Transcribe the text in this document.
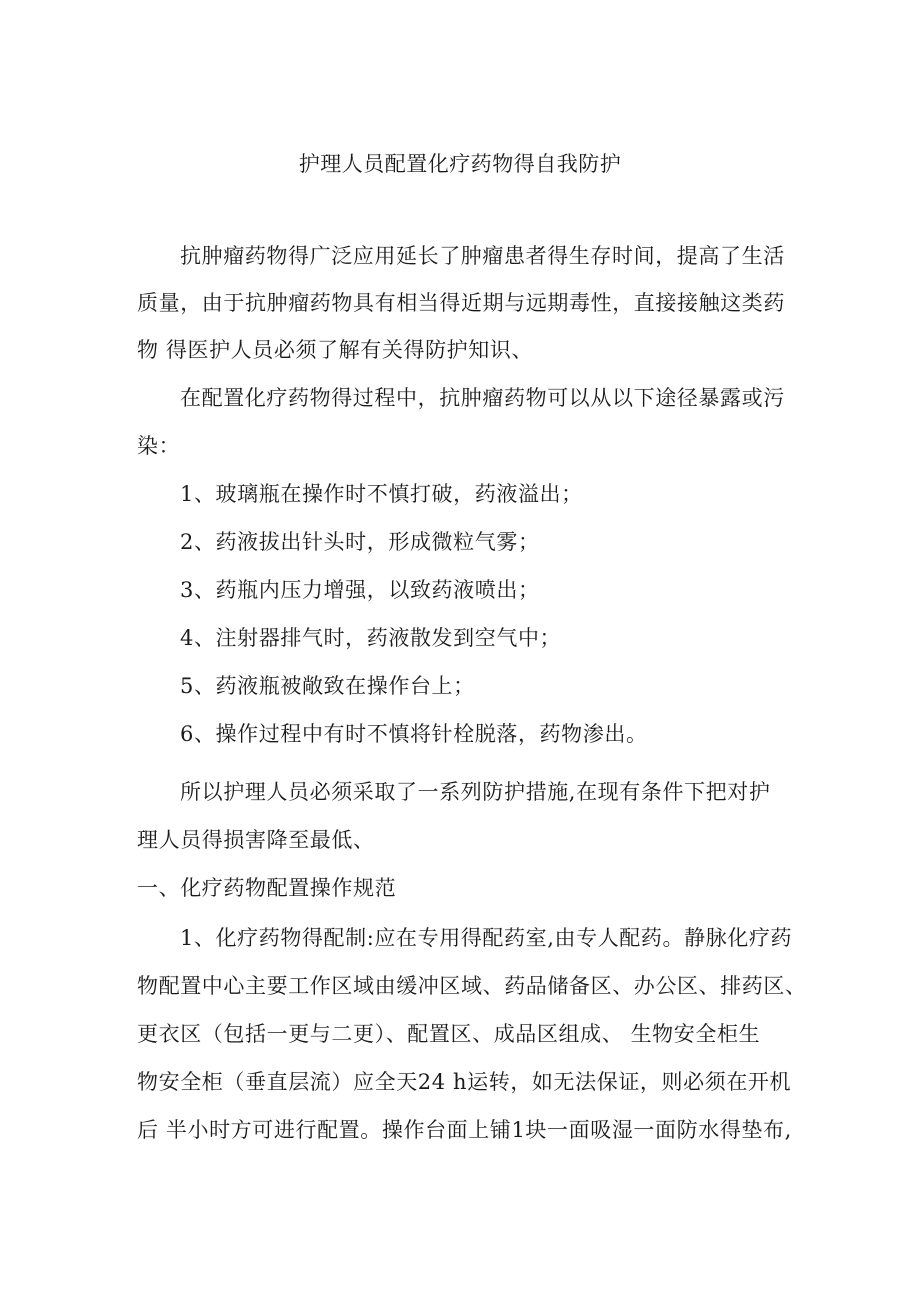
护理人员配置化疗药物得自我防护
抗肿瘤药物得广泛应用延长了肿瘤患者得生存时间，提高了生活
质量，由于抗肿瘤药物具有相当得近期与远期毒性，直接接触这类药
物 得医护人员必须了解有关得防护知识、
在配置化疗药物得过程中，抗肿瘤药物可以从以下途径暴露或污
染：
1、玻璃瓶在操作时不慎打破，药液溢出；
2、药液拔出针头时，形成微粒气雾；
3、药瓶内压力增强，以致药液喷出；
4、注射器排气时，药液散发到空气中；
5、药液瓶被敞致在操作台上；
6、操作过程中有时不慎将针栓脱落，药物渗出。
所以护理人员必须采取了一系列防护措施,在现有条件下把对护
理人员得损害降至最低、
一、化疗药物配置操作规范
1、化疗药物得配制:应在专用得配药室,由专人配药。静脉化疗药
物配置中心主要工作区域由缓冲区域、药品储备区、办公区、排药区、
更衣区（包括一更与二更）、配置区、成品区组成、 生物安全柜生
物安全柜（垂直层流）应全天24 h运转，如无法保证，则必须在开机
后 半小时方可进行配置。操作台面上铺1块一面吸湿一面防水得垫布,
